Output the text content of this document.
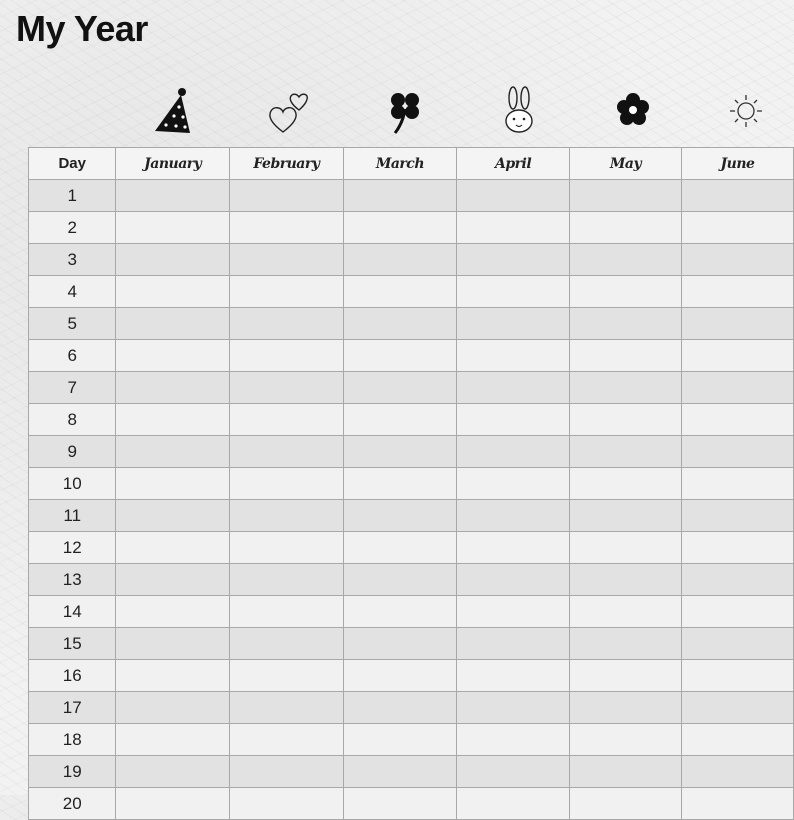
My Year
Day	January	February	March	April	May	June
1						
2						
3						
4						
5						
6						
7						
8						
9						
10						
11						
12						
13						
14						
15						
16						
17						
18						
19						
20						
